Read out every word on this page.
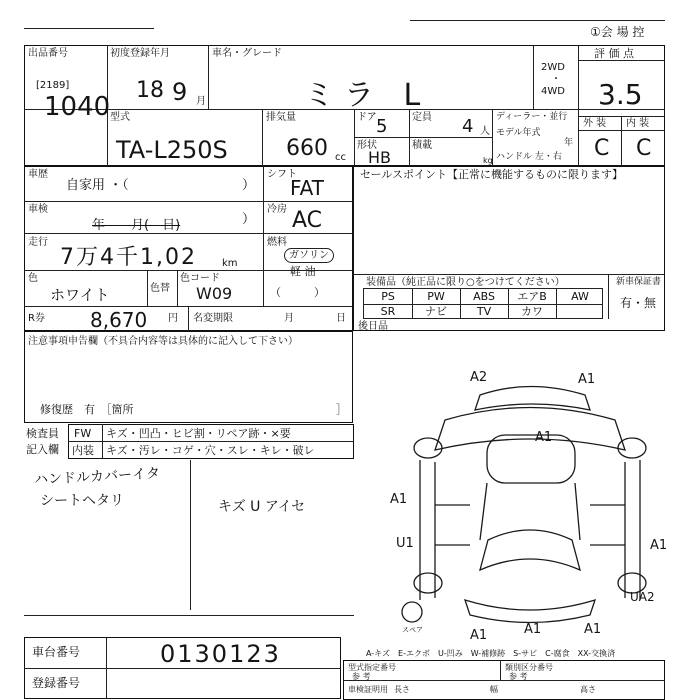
①会 場 控
出品番号
[2189]
1040
初度登録年月
18 9 月
車名・グレード
ミラ L
2WD
・
4WD
評 価 点
3.5
外 装 内 装
C C
型式
TA-L250S
排気量
660 cc
ドア 5 定員 4 人
形状
HB
積載
kg
ディーラー・並行
モデル年式
年
ハンドル 左・右
車歴
自家用 ・（	）
車検
年　　月(　日)	）
走行
7万4千1,02	km
色
ホワイト	色替
色コード
W09
R券 8,670 円 名変期限	月	日
シフト
FAT
冷房 AC
燃料
ガソリン
軽 油
（　　　）
セールスポイント【正常に機能するものに限ります】
装備品（純正品に限り○をつけてください）	新車保証書
有・無
PS	PW	ABS	エアB	AW
SR	ナビ	TV	カワ
後日品
注意事項申告欄（不具合内容等は具体的に記入して下さい）
修復歴　有　［箇所	］
検査員
記入欄
FW キズ・凹凸・ヒビ割・リペア跡・×要
内装 キズ・汚レ・コゲ・穴・スレ・キレ・破レ
ハンドルカバーイタ
シートヘタリ	キズ U アイセ
A2	A1
A1
A1
U1	A1
UA2
A1	A1	A1
スペア
A-キズ　E-エクボ　U-凹み　W-補修跡　S-サビ　C-腐食　XX-交換済
車台番号	0130123
登録番号
型式指定番号
参 考
類別区分番号
参 考
車検証明用 長さ	幅	高さ
